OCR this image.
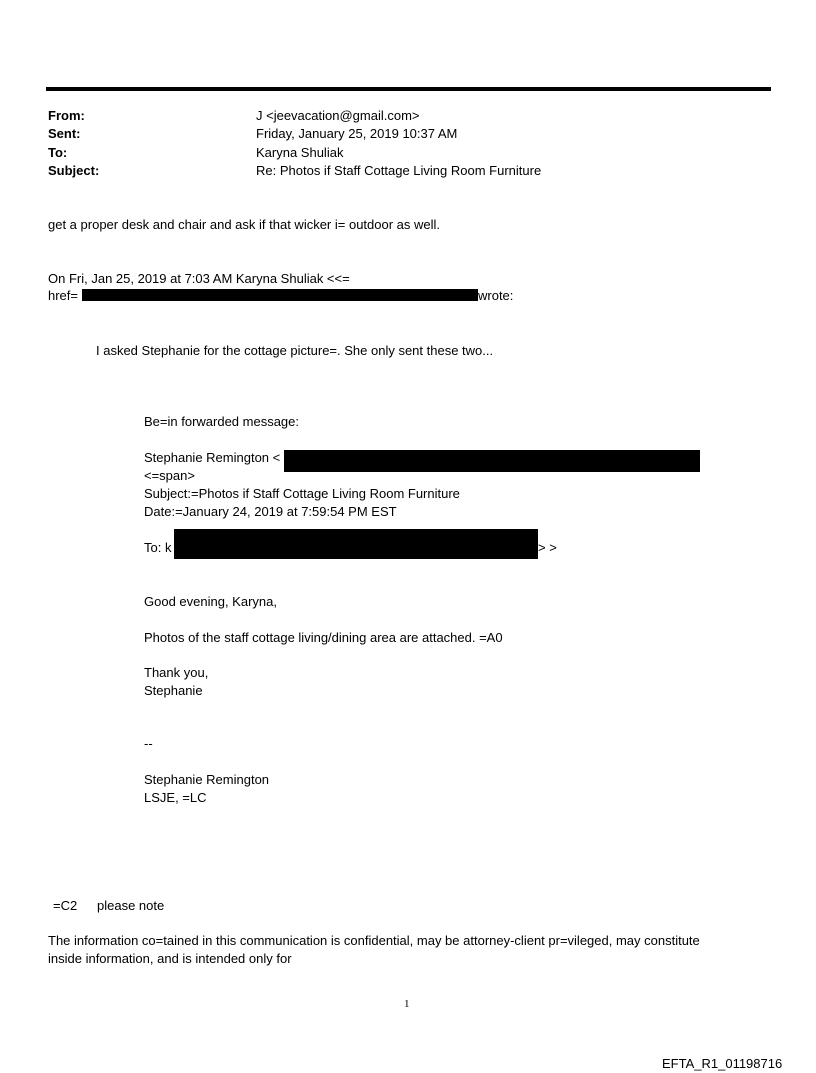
From:	J <jeevacation@gmail.com>
Sent:	Friday, January 25, 2019 10:37 AM
To:	Karyna Shuliak
Subject:	Re: Photos if Staff Cottage Living Room Furniture
get a proper desk and chair and ask if that wicker i= outdoor as well.
On Fri, Jan 25, 2019 at 7:03 AM Karyna Shuliak <<=
href=	wrote:
I asked Stephanie for the cottage picture=. She only sent these two...
Be=in forwarded message:
Stephanie Remington <
<=span>
Subject:=Photos if Staff Cottage Living Room Furniture
Date:=January 24, 2019 at 7:59:54 PM EST
To: k	> >
Good evening, Karyna,
Photos of the staff cottage living/dining area are attached. =A0
Thank you,
Stephanie
--
Stephanie Remington
LSJE, =LC
=C2 please note
The information co=tained in this communication is confidential, may be attorney-client pr=vileged, may constitute
inside information, and is intended only for
1
EFTA_R1_01198716
